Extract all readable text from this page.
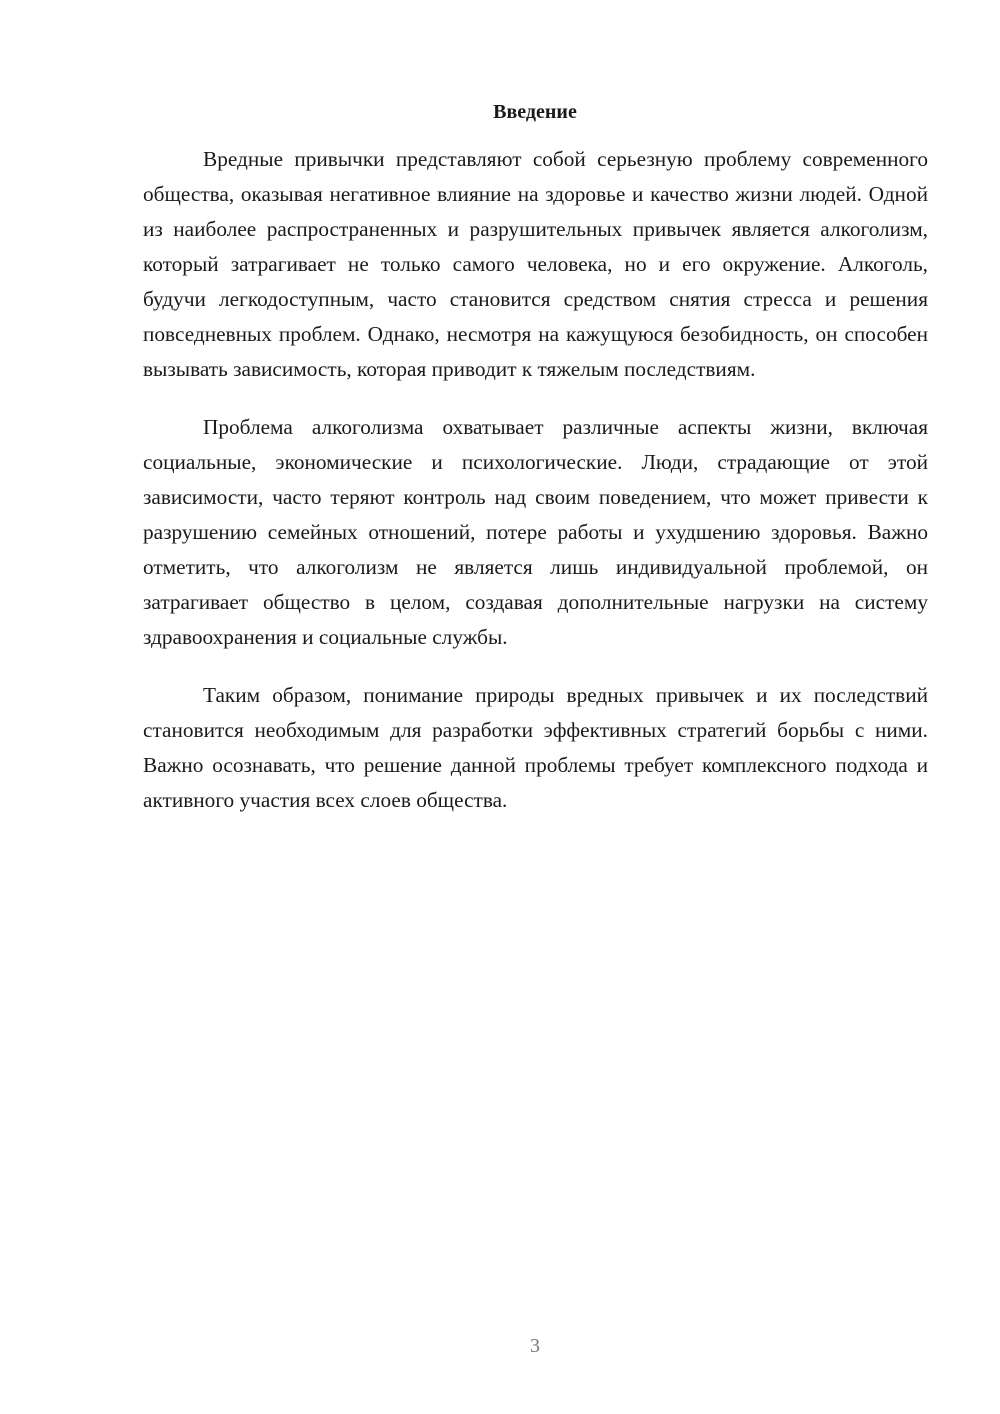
Введение

Вредные привычки представляют собой серьезную проблему современного общества, оказывая негативное влияние на здоровье и качество жизни людей. Одной из наиболее распространенных и разрушительных привычек является алкоголизм, который затрагивает не только самого человека, но и его окружение. Алкоголь, будучи легкодоступным, часто становится средством снятия стресса и решения повседневных проблем. Однако, несмотря на кажущуюся безобидность, он способен вызывать зависимость, которая приводит к тяжелым последствиям.

Проблема алкоголизма охватывает различные аспекты жизни, включая социальные, экономические и психологические. Люди, страдающие от этой зависимости, часто теряют контроль над своим поведением, что может привести к разрушению семейных отношений, потере работы и ухудшению здоровья. Важно отметить, что алкоголизм не является лишь индивидуальной проблемой, он затрагивает общество в целом, создавая дополнительные нагрузки на систему здравоохранения и социальные службы.

Таким образом, понимание природы вредных привычек и их последствий становится необходимым для разработки эффективных стратегий борьбы с ними. Важно осознавать, что решение данной проблемы требует комплексного подхода и активного участия всех слоев общества.

3
